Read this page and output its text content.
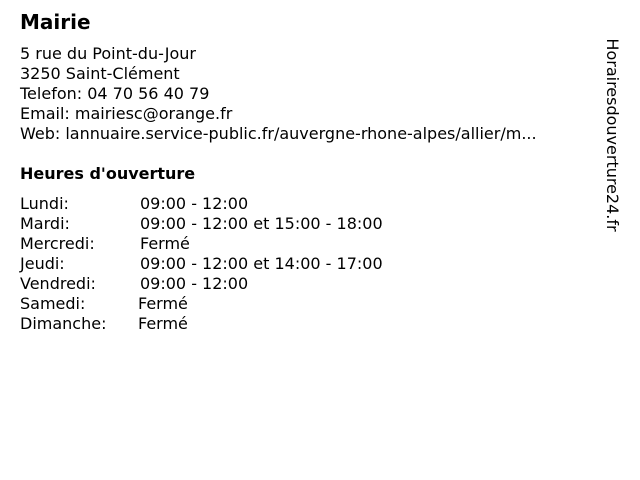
Mairie
5 rue du Point-du-Jour
3250 Saint-Clément
Telefon: 04 70 56 40 79
Email: mairiesc@orange.fr
Web: lannuaire.service-public.fr/auvergne-rhone-alpes/allier/m...
Heures d'ouverture
Lundi:	09:00 - 12:00
Mardi:	09:00 - 12:00 et 15:00 - 18:00
Mercredi:	Fermé
Jeudi:	09:00 - 12:00 et 14:00 - 17:00
Vendredi:	09:00 - 12:00
Samedi:	Fermé
Dimanche: Fermé
Horairesdouverture24.fr
